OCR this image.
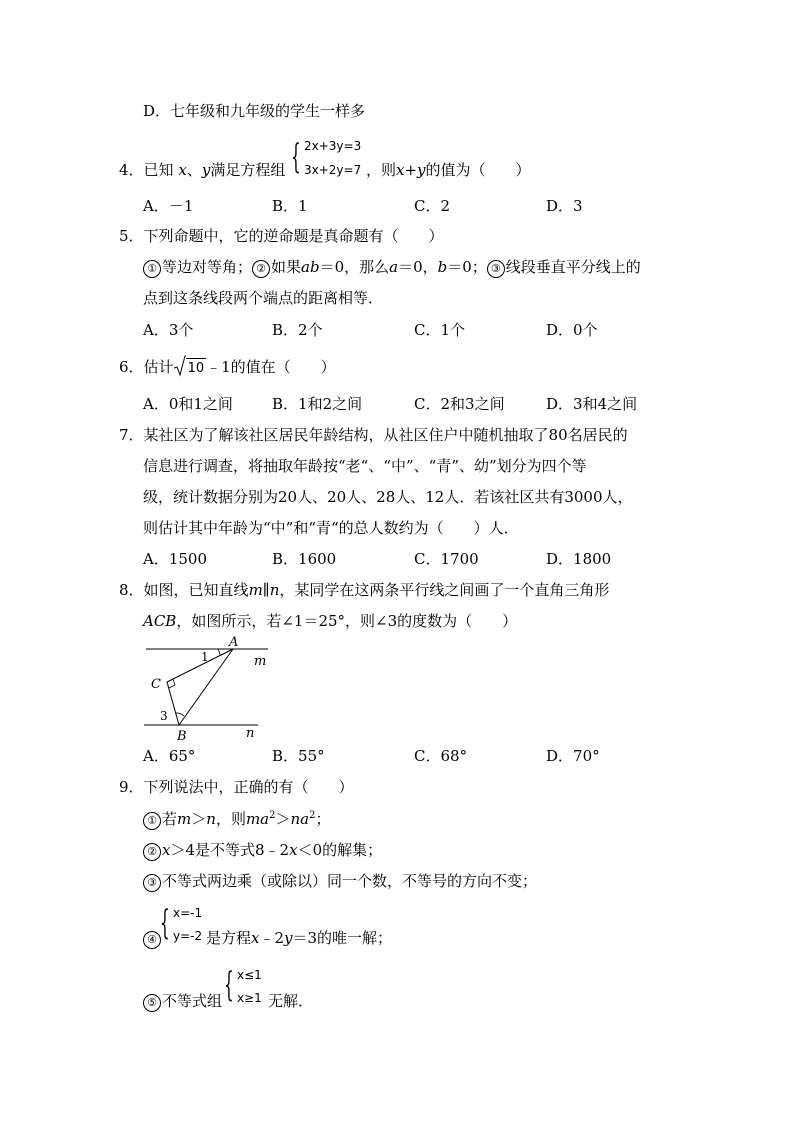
D．七年级和九年级的学生一样多
4．已知 x、y满足方程组 { 2x+3y=3
3x+2y=7 ，则x+y的值为（　　）
A．－1	B．1	C．2	D．3
5．下列命题中，它的逆命题是真命题有（　　）
① 等边对等角； ② 如果ab＝0，那么a＝0，b＝0； ③ 线段垂直平分线上的
点到这条线段两个端点的距离相等．
A．3个	B．2个	C．1个	D．0个
6．估计 10 ﹣1的值在（　　）
A．0和1之间	B．1和2之间	C．2和3之间	D．3和4之间
7．某社区为了解该社区居民年龄结构，从社区住户中随机抽取了80名居民的
信息进行调查，将抽取年龄按“老“、“中”、“青”、幼”划分为四个等
级，统计数据分别为20人、20人、28人、12人．若该社区共有3000人，
则估计其中年龄为“中”和“青“的总人数约为（　　）人．
A．1500	B．1600	C．1700	D．1800
8．如图，已知直线m∥n，某同学在这两条平行线之间画了一个直角三角形
ACB，如图所示，若∠1＝25°，则∠3的度数为（　　）
A
m
C
1
3
B	n
A．65°	B．55°	C．68°	D．70°
9．下列说法中，正确的有（　　）
① 若m＞n，则$ma^2>na^2$；
② x＞4是不等式8﹣2x＜0的解集；
③ 不等式两边乘（或除以）同一个数，不等号的方向不变；
④ { x=-1
y=-2 是方程x﹣2y＝3的唯一解；
⑤ 不等式组 { x≤1
x≥1 无解．
